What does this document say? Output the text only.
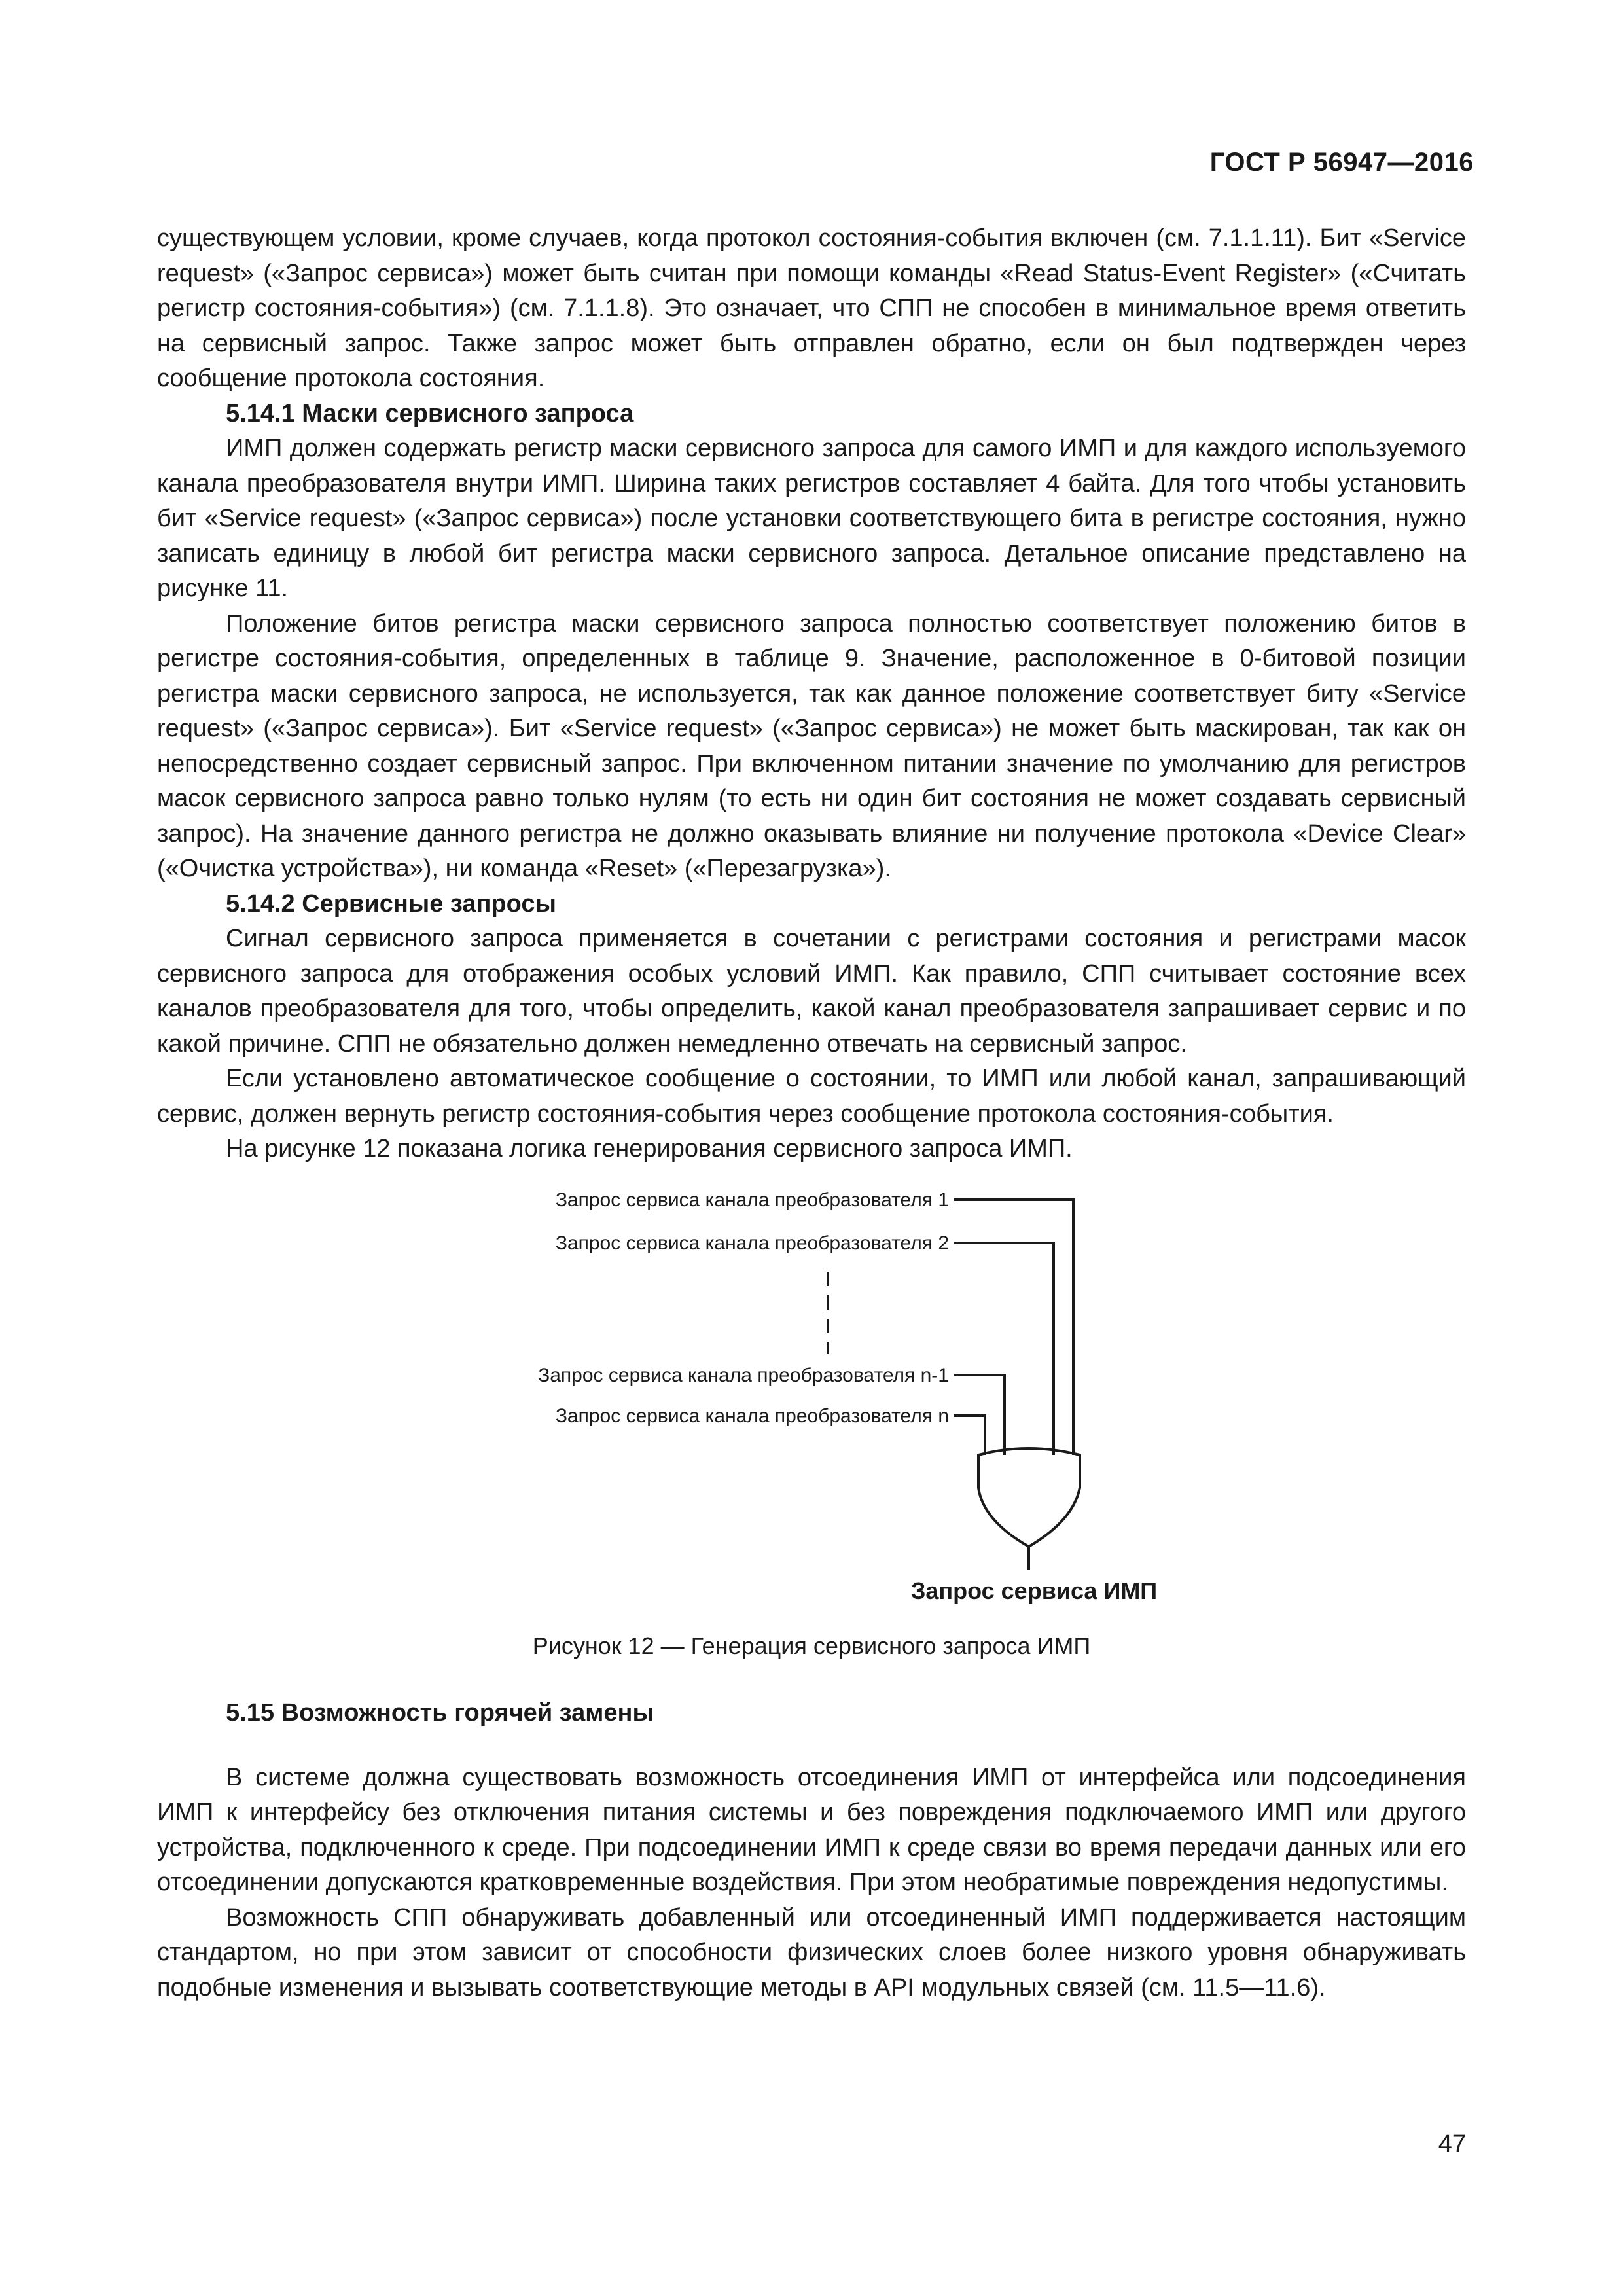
ГОСТ Р 56947—2016

существующем условии, кроме случаев, когда протокол состояния-события включен (см. 7.1.1.11). Бит «Service request» («Запрос сервиса») может быть считан при помощи команды «Read Status-Event Register» («Считать регистр состояния-события») (см. 7.1.1.8). Это означает, что СПП не способен в минимальное время ответить на сервисный запрос. Также запрос может быть отправлен обратно, если он был подтвержден через сообщение протокола состояния.

5.14.1 Маски сервисного запроса

ИМП должен содержать регистр маски сервисного запроса для самого ИМП и для каждого используемого канала преобразователя внутри ИМП. Ширина таких регистров составляет 4 байта. Для того чтобы установить бит «Service request» («Запрос сервиса») после установки соответствующего бита в регистре состояния, нужно записать единицу в любой бит регистра маски сервисного запроса. Детальное описание представлено на рисунке 11.

Положение битов регистра маски сервисного запроса полностью соответствует положению битов в регистре состояния-события, определенных в таблице 9. Значение, расположенное в 0-битовой позиции регистра маски сервисного запроса, не используется, так как данное положение соответствует биту «Service request» («Запрос сервиса»). Бит «Service request» («Запрос сервиса») не может быть маскирован, так как он непосредственно создает сервисный запрос. При включенном питании значение по умолчанию для регистров масок сервисного запроса равно только нулям (то есть ни один бит состояния не может создавать сервисный запрос). На значение данного регистра не должно оказывать влияние ни получение протокола «Device Clear» («Очистка устройства»), ни команда «Reset» («Перезагрузка»).

5.14.2 Сервисные запросы

Сигнал сервисного запроса применяется в сочетании с регистрами состояния и регистрами масок сервисного запроса для отображения особых условий ИМП. Как правило, СПП считывает состояние всех каналов преобразователя для того, чтобы определить, какой канал преобразователя запрашивает сервис и по какой причине. СПП не обязательно должен немедленно отвечать на сервисный запрос.

Если установлено автоматическое сообщение о состоянии, то ИМП или любой канал, запрашивающий сервис, должен вернуть регистр состояния-события через сообщение протокола состояния-события.

На рисунке 12 показана логика генерирования сервисного запроса ИМП.

Запрос сервиса канала преобразователя 1
Запрос сервиса канала преобразователя 2
Запрос сервиса канала преобразователя n-1
Запрос сервиса канала преобразователя n
Запрос сервиса ИМП
Рисунок 12 — Генерация сервисного запроса ИМП
5.15 Возможность горячей замены

В системе должна существовать возможность отсоединения ИМП от интерфейса или подсоединения ИМП к интерфейсу без отключения питания системы и без повреждения подключаемого ИМП или другого устройства, подключенного к среде. При подсоединении ИМП к среде связи во время передачи данных или его отсоединении допускаются кратковременные воздействия. При этом необратимые повреждения недопустимы.

Возможность СПП обнаруживать добавленный или отсоединенный ИМП поддерживается настоящим стандартом, но при этом зависит от способности физических слоев более низкого уровня обнаруживать подобные изменения и вызывать соответствующие методы в API модульных связей (см. 11.5—11.6).

47
